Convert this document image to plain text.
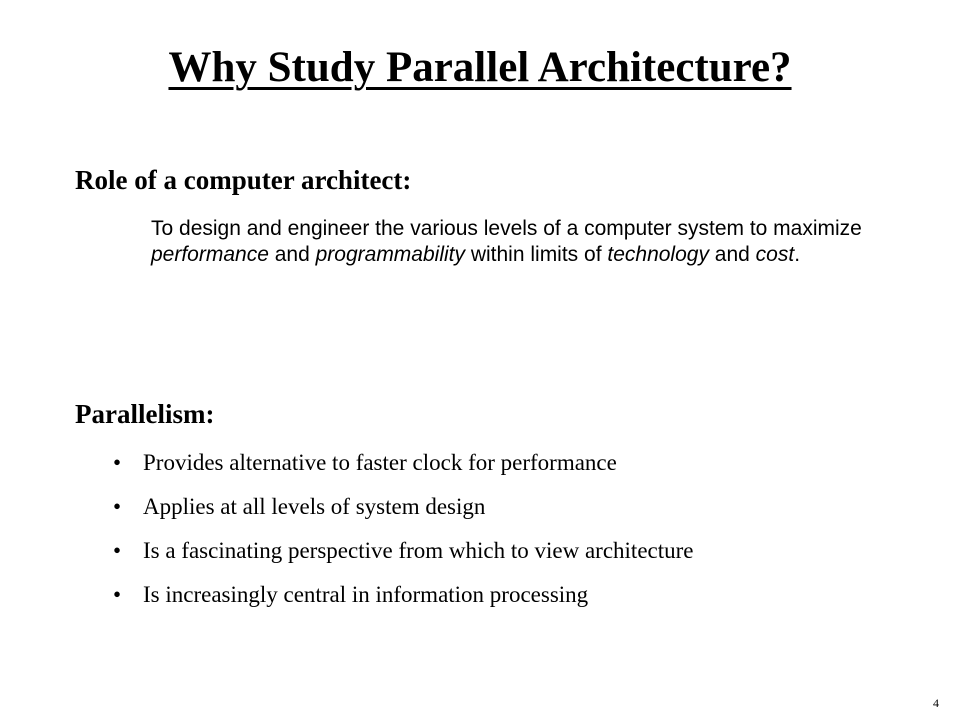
Why Study Parallel Architecture?
Role of a computer architect:

To design and engineer the various levels of a computer system to maximize performance and programmability within limits of technology and cost.

Parallelism:
• Provides alternative to faster clock for performance
• Applies at all levels of system design
• Is a fascinating perspective from which to view architecture
• Is increasingly central in information processing
4
